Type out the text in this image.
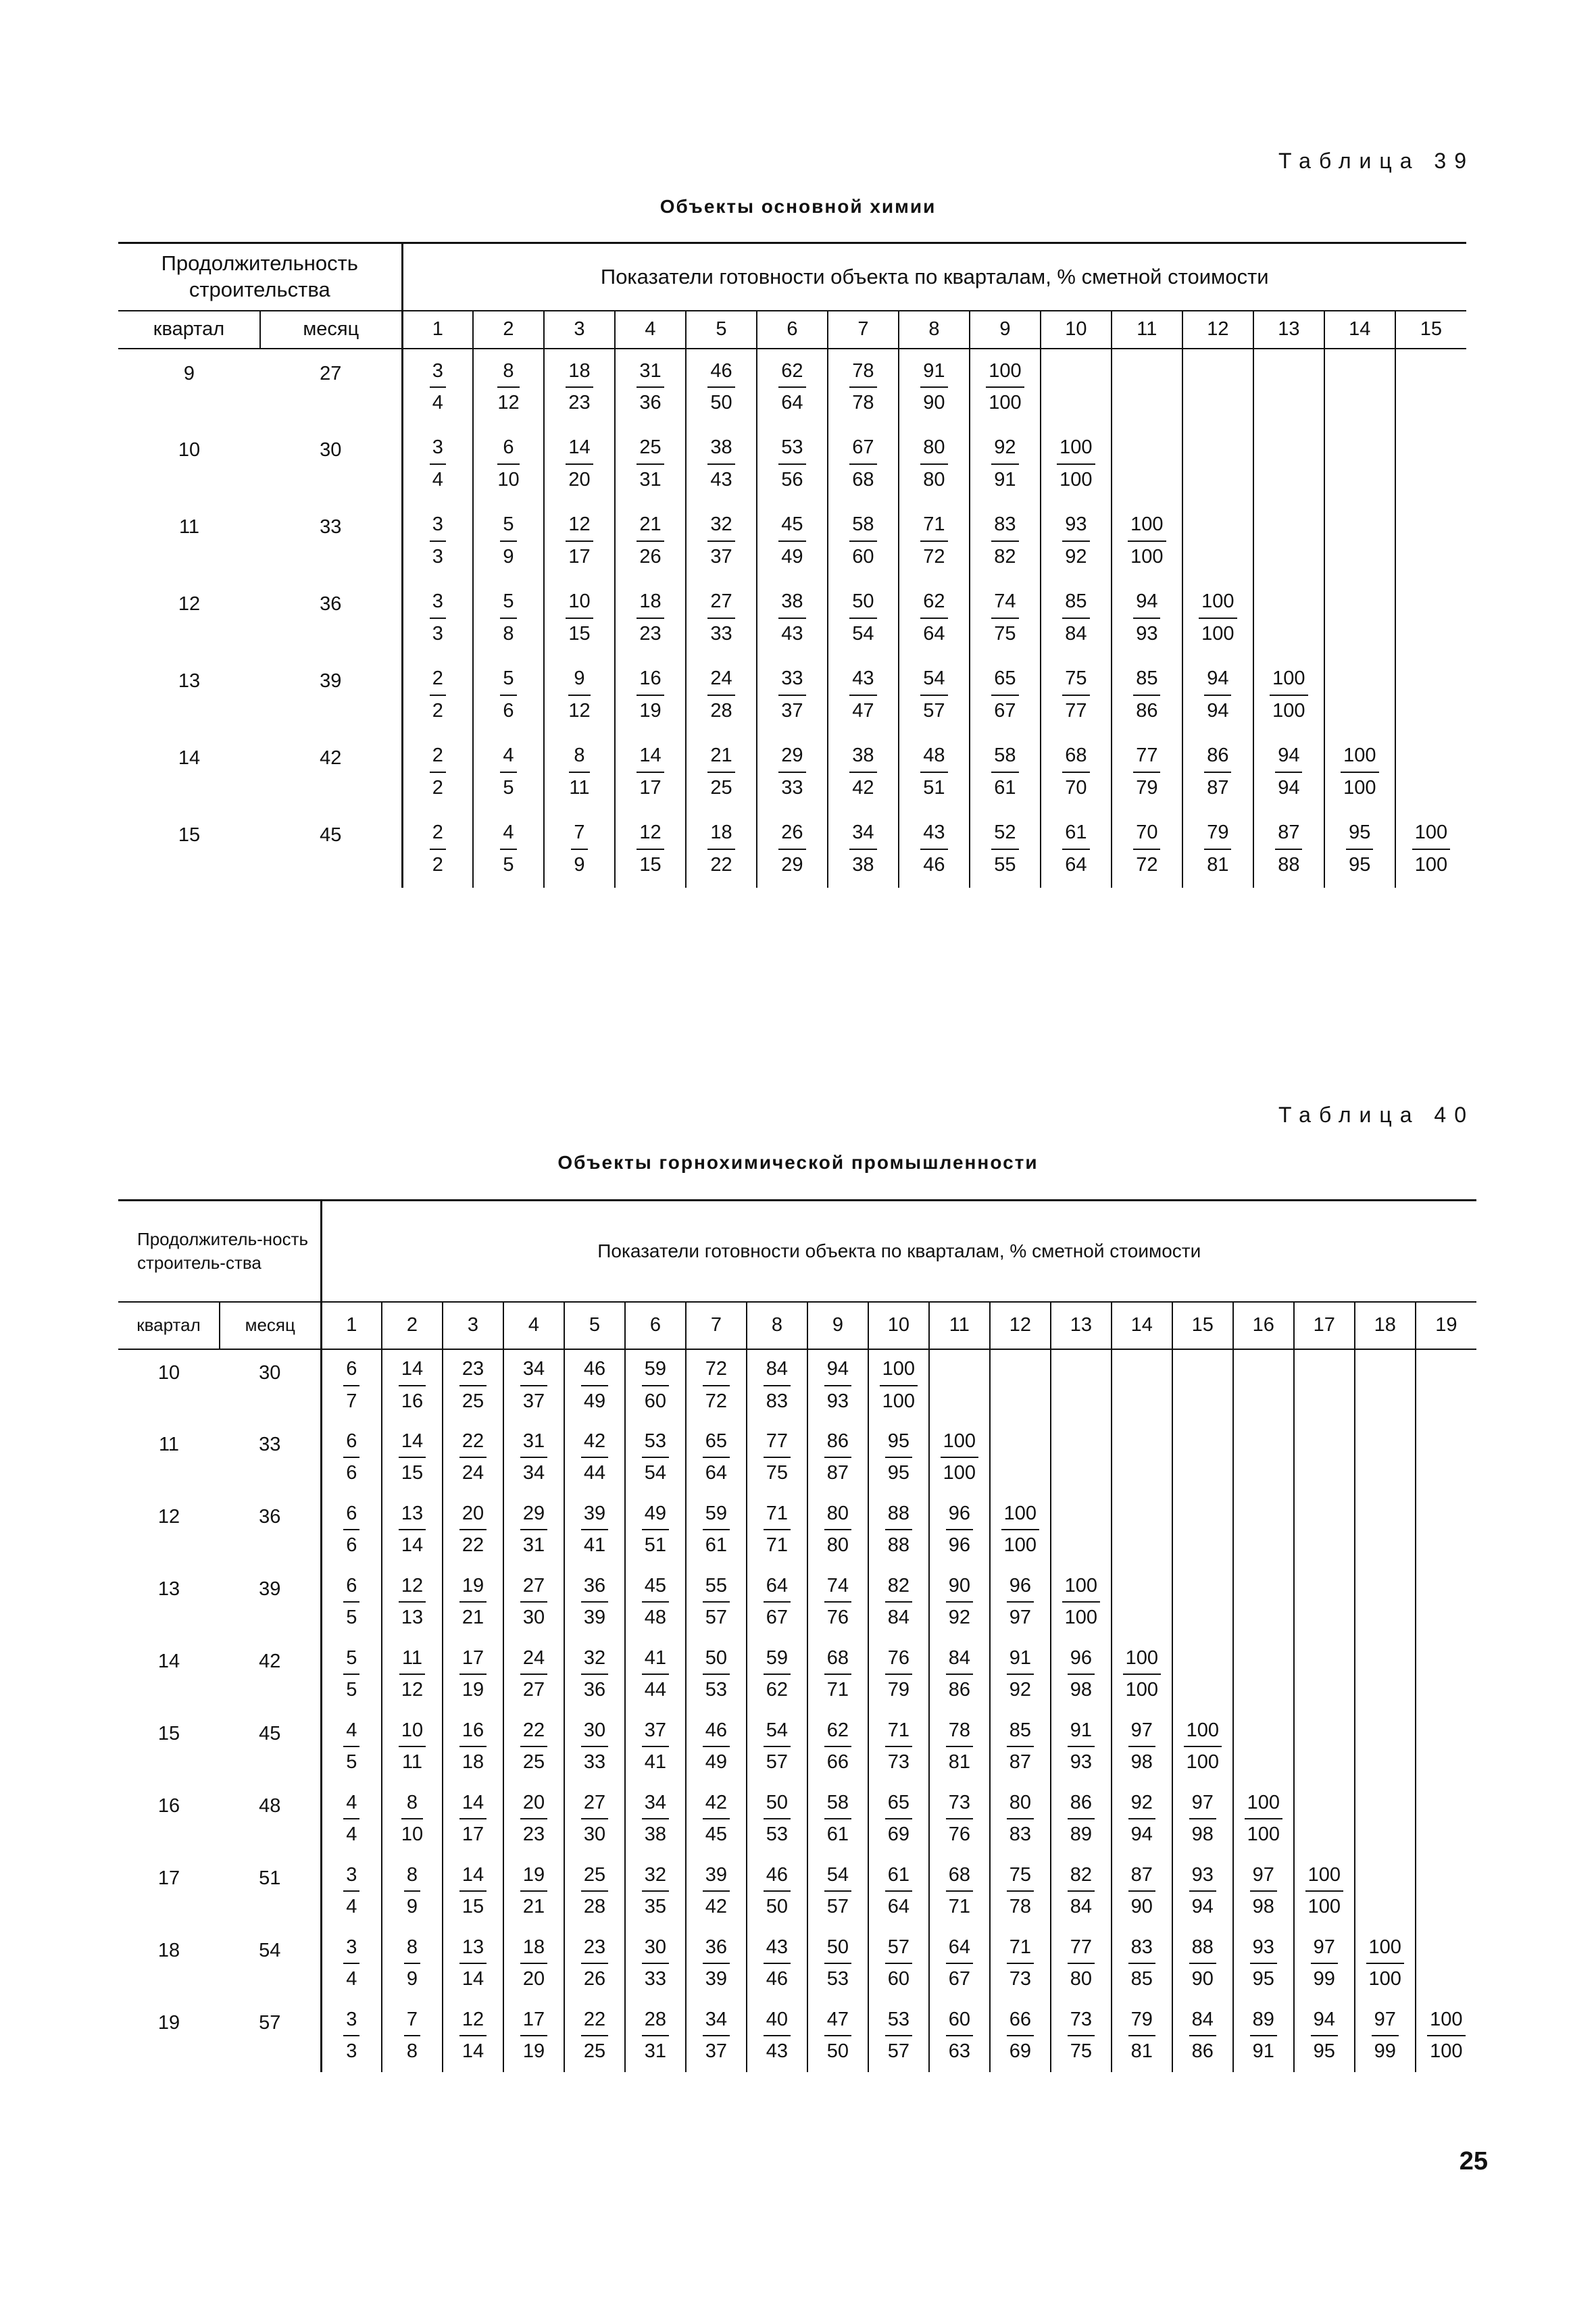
Таблица 39
Объекты основной химии
Продолжительность строительства		Показатели готовности объекта по кварталам, % сметной стоимости														
квартал	месяц	1	2	3	4	5	6	7	8	9	10	11	12	13	14	15
9	27	$\frac{3}{4}$	$\frac{8}{12}$	$\frac{18}{23}$	$\frac{31}{36}$	$\frac{46}{50}$	$\frac{62}{64}$	$\frac{78}{78}$	$\frac{91}{90}$	$\frac{100}{100}$

10	30	$\frac{3}{4}$	$\frac{6}{10}$	$\frac{14}{20}$	$\frac{25}{31}$	$\frac{38}{43}$	$\frac{53}{56}$	$\frac{67}{68}$	$\frac{80}{80}$	$\frac{92}{91}$	$\frac{100}{100}$

11	33	$\frac{3}{3}$	$\frac{5}{9}$	$\frac{12}{17}$	$\frac{21}{26}$	$\frac{32}{37}$	$\frac{45}{49}$	$\frac{58}{60}$	$\frac{71}{72}$	$\frac{83}{82}$	$\frac{93}{92}$	$\frac{100}{100}$

12	36	$\frac{3}{3}$	$\frac{5}{8}$	$\frac{10}{15}$	$\frac{18}{23}$	$\frac{27}{33}$	$\frac{38}{43}$	$\frac{50}{54}$	$\frac{62}{64}$	$\frac{74}{75}$	$\frac{85}{84}$	$\frac{94}{93}$	$\frac{100}{100}$

13	39	$\frac{2}{2}$	$\frac{5}{6}$	$\frac{9}{12}$	$\frac{16}{19}$	$\frac{24}{28}$	$\frac{33}{37}$	$\frac{43}{47}$	$\frac{54}{57}$	$\frac{65}{67}$	$\frac{75}{77}$	$\frac{85}{86}$	$\frac{94}{94}$	$\frac{100}{100}$

14	42	$\frac{2}{2}$	$\frac{4}{5}$	$\frac{8}{11}$	$\frac{14}{17}$	$\frac{21}{25}$	$\frac{29}{33}$	$\frac{38}{42}$	$\frac{48}{51}$	$\frac{58}{61}$	$\frac{68}{70}$	$\frac{77}{79}$	$\frac{86}{87}$	$\frac{94}{94}$	$\frac{100}{100}$

15	45	$\frac{2}{2}$	$\frac{4}{5}$	$\frac{7}{9}$	$\frac{12}{15}$	$\frac{18}{22}$	$\frac{26}{29}$	$\frac{34}{38}$	$\frac{43}{46}$	$\frac{52}{55}$	$\frac{61}{64}$	$\frac{70}{72}$	$\frac{79}{81}$	$\frac{87}{88}$	$\frac{95}{95}$	$\frac{100}{100}$
Таблица 40
Объекты горнохимической промышленности
Продолжитель-ность строитель-ства		Показатели готовности объекта по кварталам, % сметной стоимости																		
квартал	месяц	1	2	3	4	5	6	7	8	9	10	11	12	13	14	15	16	17	18	19
10	30	$\frac{6}{7}$	$\frac{14}{16}$	$\frac{23}{25}$	$\frac{34}{37}$	$\frac{46}{49}$	$\frac{59}{60}$	$\frac{72}{72}$	$\frac{84}{83}$	$\frac{94}{93}$	$\frac{100}{100}$

11	33	$\frac{6}{6}$	$\frac{14}{15}$	$\frac{22}{24}$	$\frac{31}{34}$	$\frac{42}{44}$	$\frac{53}{54}$	$\frac{65}{64}$	$\frac{77}{75}$	$\frac{86}{87}$	$\frac{95}{95}$	$\frac{100}{100}$

12	36	$\frac{6}{6}$	$\frac{13}{14}$	$\frac{20}{22}$	$\frac{29}{31}$	$\frac{39}{41}$	$\frac{49}{51}$	$\frac{59}{61}$	$\frac{71}{71}$	$\frac{80}{80}$	$\frac{88}{88}$	$\frac{96}{96}$	$\frac{100}{100}$

13	39	$\frac{6}{5}$	$\frac{12}{13}$	$\frac{19}{21}$	$\frac{27}{30}$	$\frac{36}{39}$	$\frac{45}{48}$	$\frac{55}{57}$	$\frac{64}{67}$	$\frac{74}{76}$	$\frac{82}{84}$	$\frac{90}{92}$	$\frac{96}{97}$	$\frac{100}{100}$

14	42	$\frac{5}{5}$	$\frac{11}{12}$	$\frac{17}{19}$	$\frac{24}{27}$	$\frac{32}{36}$	$\frac{41}{44}$	$\frac{50}{53}$	$\frac{59}{62}$	$\frac{68}{71}$	$\frac{76}{79}$	$\frac{84}{86}$	$\frac{91}{92}$	$\frac{96}{98}$	$\frac{100}{100}$

15	45	$\frac{4}{5}$	$\frac{10}{11}$	$\frac{16}{18}$	$\frac{22}{25}$	$\frac{30}{33}$	$\frac{37}{41}$	$\frac{46}{49}$	$\frac{54}{57}$	$\frac{62}{66}$	$\frac{71}{73}$	$\frac{78}{81}$	$\frac{85}{87}$	$\frac{91}{93}$	$\frac{97}{98}$	$\frac{100}{100}$

16	48	$\frac{4}{4}$	$\frac{8}{10}$	$\frac{14}{17}$	$\frac{20}{23}$	$\frac{27}{30}$	$\frac{34}{38}$	$\frac{42}{45}$	$\frac{50}{53}$	$\frac{58}{61}$	$\frac{65}{69}$	$\frac{73}{76}$	$\frac{80}{83}$	$\frac{86}{89}$	$\frac{92}{94}$	$\frac{97}{98}$	$\frac{100}{100}$

17	51	$\frac{3}{4}$	$\frac{8}{9}$	$\frac{14}{15}$	$\frac{19}{21}$	$\frac{25}{28}$	$\frac{32}{35}$	$\frac{39}{42}$	$\frac{46}{50}$	$\frac{54}{57}$	$\frac{61}{64}$	$\frac{68}{71}$	$\frac{75}{78}$	$\frac{82}{84}$	$\frac{87}{90}$	$\frac{93}{94}$	$\frac{97}{98}$	$\frac{100}{100}$

18	54	$\frac{3}{4}$	$\frac{8}{9}$	$\frac{13}{14}$	$\frac{18}{20}$	$\frac{23}{26}$	$\frac{30}{33}$	$\frac{36}{39}$	$\frac{43}{46}$	$\frac{50}{53}$	$\frac{57}{60}$	$\frac{64}{67}$	$\frac{71}{73}$	$\frac{77}{80}$	$\frac{83}{85}$	$\frac{88}{90}$	$\frac{93}{95}$	$\frac{97}{99}$	$\frac{100}{100}$

19	57	$\frac{3}{3}$	$\frac{7}{8}$	$\frac{12}{14}$	$\frac{17}{19}$	$\frac{22}{25}$	$\frac{28}{31}$	$\frac{34}{37}$	$\frac{40}{43}$	$\frac{47}{50}$	$\frac{53}{57}$	$\frac{60}{63}$	$\frac{66}{69}$	$\frac{73}{75}$	$\frac{79}{81}$	$\frac{84}{86}$	$\frac{89}{91}$	$\frac{94}{95}$	$\frac{97}{99}$	$\frac{100}{100}$
25
